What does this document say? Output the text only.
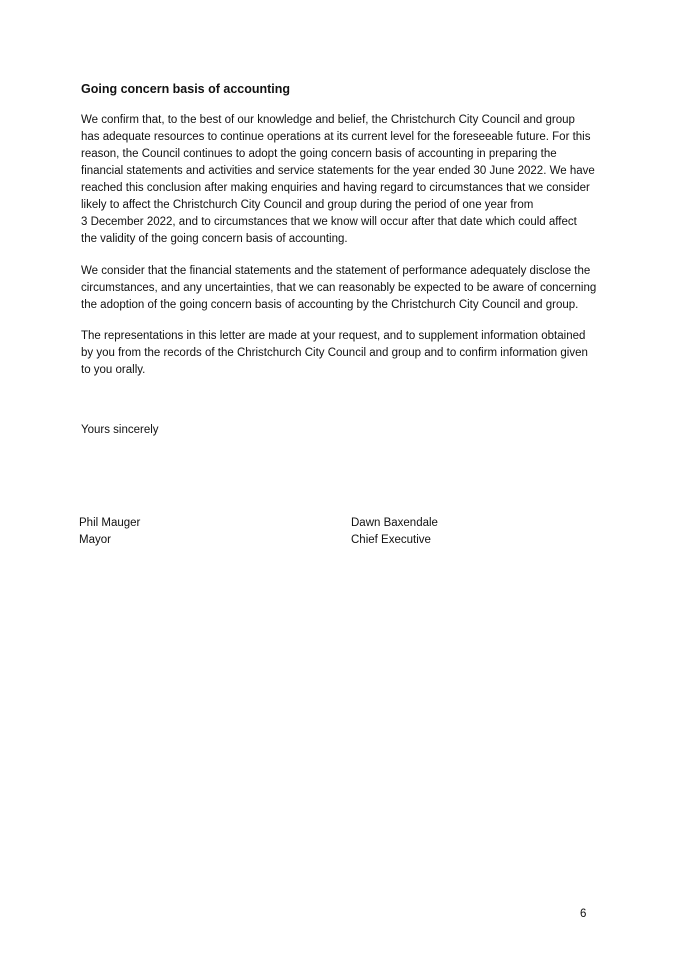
Going concern basis of accounting

We confirm that, to the best of our knowledge and belief, the Christchurch City Council and group
has adequate resources to continue operations at its current level for the foreseeable future. For this
reason, the Council continues to adopt the going concern basis of accounting in preparing the
financial statements and activities and service statements for the year ended 30 June 2022. We have
reached this conclusion after making enquiries and having regard to circumstances that we consider
likely to affect the Christchurch City Council and group during the period of one year from
3 December 2022, and to circumstances that we know will occur after that date which could affect
the validity of the going concern basis of accounting.

We consider that the financial statements and the statement of performance adequately disclose the
circumstances, and any uncertainties, that we can reasonably be expected to be aware of concerning
the adoption of the going concern basis of accounting by the Christchurch City Council and group.

The representations in this letter are made at your request, and to supplement information obtained
by you from the records of the Christchurch City Council and group and to confirm information given
to you orally.

Yours sincerely

Phil Mauger
Mayor
Dawn Baxendale
Chief Executive
6
